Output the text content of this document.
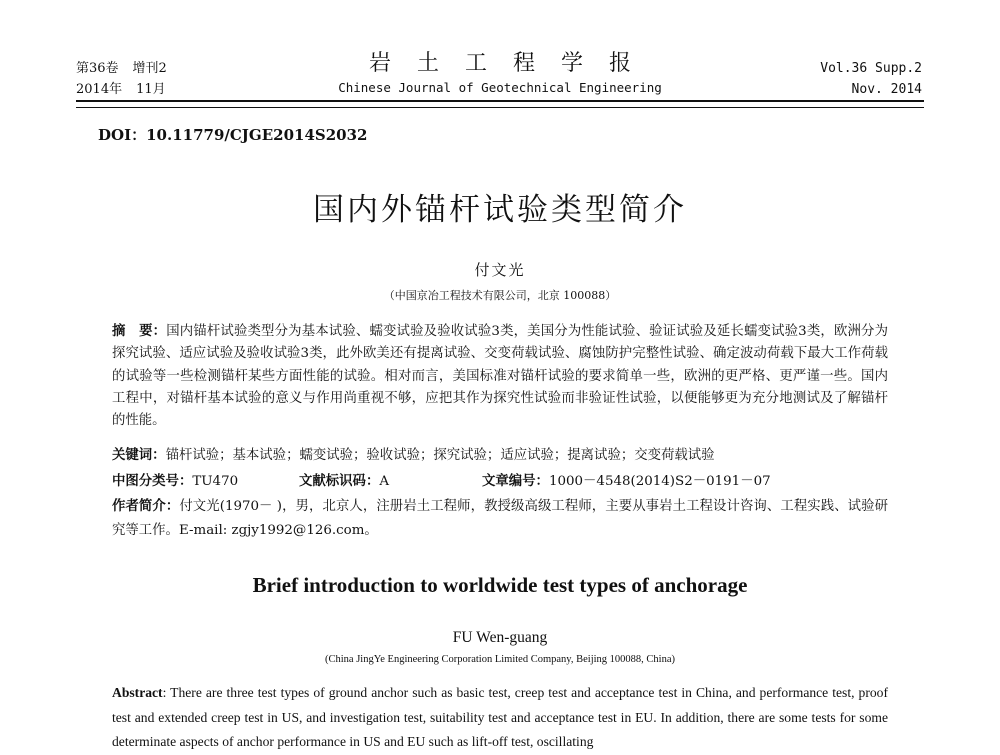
第36卷 增刊2
2014年 11月
岩土工程学报
Chinese Journal of Geotechnical Engineering
Vol.36 Supp.2
Nov. 2014
DOI：10.11779/CJGE2014S2032
国内外锚杆试验类型简介
付文光
（中国京冶工程技术有限公司，北京 100088）
摘　要：国内锚杆试验类型分为基本试验、蠕变试验及验收试验3类，美国分为性能试验、验证试验及延长蠕变试验3类，欧洲分为探究试验、适应试验及验收试验3类，此外欧美还有提离试验、交变荷载试验、腐蚀防护完整性试验、确定波动荷载下最大工作荷载的试验等一些检测锚杆某些方面性能的试验。相对而言，美国标准对锚杆试验的要求简单一些，欧洲的更严格、更严谨一些。国内工程中，对锚杆基本试验的意义与作用尚重视不够，应把其作为探究性试验而非验证性试验，以便能够更为充分地测试及了解锚杆的性能。
关键词：锚杆试验；基本试验；蠕变试验；验收试验；探究试验；适应试验；提离试验；交变荷载试验
中图分类号：TU470	文献标识码：A	文章编号：1000－4548(2014)S2－0191－07
作者简介：付文光(1970－ )，男，北京人，注册岩土工程师，教授级高级工程师，主要从事岩土工程设计咨询、工程实践、试验研究等工作。E-mail: zgjy1992@126.com。
Brief introduction to worldwide test types of anchorage
FU Wen-guang
(China JingYe Engineering Corporation Limited Company, Beijing 100088, China)
Abstract: There are three test types of ground anchor such as basic test, creep test and acceptance test in China, and performance test, proof test and extended creep test in US, and investigation test, suitability test and acceptance test in EU. In addition, there are some tests for some determinate aspects of anchor performance in US and EU such as lift-off test, oscillating
